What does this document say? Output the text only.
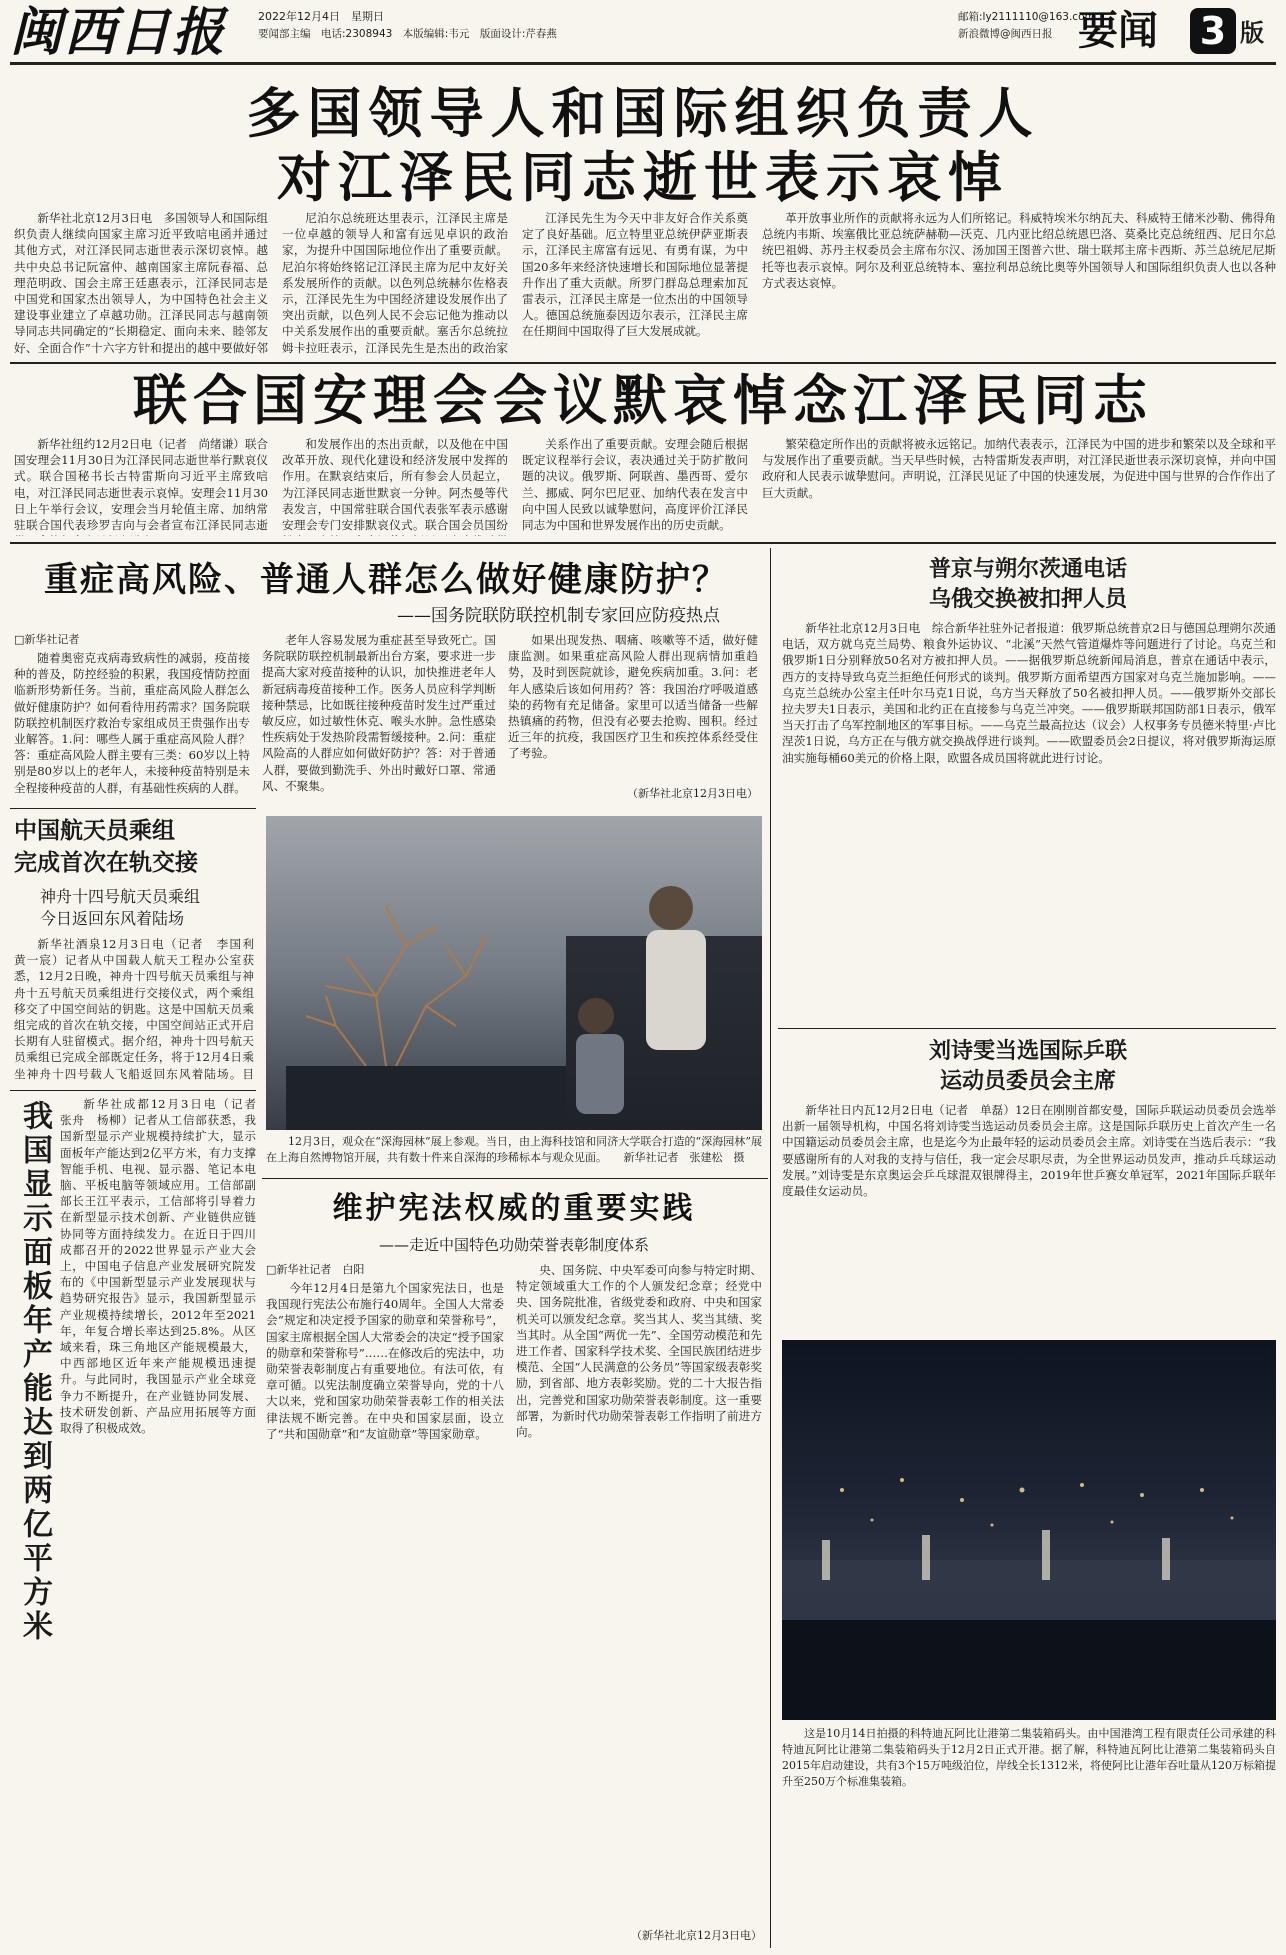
闽西日报	2022年12月4日　星期日
要闻部主编　电话:2308943　本版编辑:韦元　版面设计:芹春燕
邮箱:ly2111110@163.com
新浪微博@闽西日报 要闻	3 版
多国领导人和国际组织负责人
对江泽民同志逝世表示哀悼

新华社北京12月3日电　多国领导人和国际组织负责人继续向国家主席习近平致唁电函并通过其他方式，对江泽民同志逝世表示深切哀悼。越共中央总书记阮富仲、越南国家主席阮春福、总理范明政、国会主席王廷惠表示，江泽民同志是中国党和国家杰出领导人，为中国特色社会主义建设事业建立了卓越功勋。江泽民同志与越南领导同志共同确定的“长期稳定、面向未来、睦邻友好、全面合作”十六字方针和提出的越中要做好邻

尼泊尔总统班达里表示，江泽民主席是一位卓越的领导人和富有远见卓识的政治家，为提升中国国际地位作出了重要贡献。尼泊尔将始终铭记江泽民主席为尼中友好关系发展所作的贡献。以色列总统赫尔佐格表示，江泽民先生为中国经济建设发展作出了突出贡献，以色列人民不会忘记他为推动以中关系发展作出的重要贡献。塞舌尔总统拉姆卡拉旺表示，江泽民先生是杰出的政治家

江泽民先生为今天中非友好合作关系奠定了良好基础。厄立特里亚总统伊萨亚斯表示，江泽民主席富有远见、有勇有谋，为中国20多年来经济快速增长和国际地位显著提升作出了重大贡献。所罗门群岛总理索加瓦雷表示，江泽民主席是一位杰出的中国领导人。德国总统施泰因迈尔表示，江泽民主席在任期间中国取得了巨大发展成就。

革开放事业所作的贡献将永远为人们所铭记。科威特埃米尔纳瓦夫、科威特王储米沙勒、佛得角总统内韦斯、埃塞俄比亚总统萨赫勒—沃克、几内亚比绍总统恩巴洛、莫桑比克总统纽西、尼日尔总统巴祖姆、苏丹主权委员会主席布尔汉、汤加国王图普六世、瑞士联邦主席卡西斯、苏兰总统尼尼斯托等也表示哀悼。阿尔及利亚总统特本、塞拉利昂总统比奥等外国领导人和国际组织负责人也以各种方式表达哀悼。

联合国安理会会议默哀悼念江泽民同志

新华社纽约12月2日电（记者　尚绪谦）联合国安理会11月30日为江泽民同志逝世举行默哀仪式。联合国秘书长古特雷斯向习近平主席致唁电，对江泽民同志逝世表示哀悼。安理会11月30日上午举行会议，安理会当月轮值主席、加纳常驻联合国代表珍罗吉向与会者宣布江泽民同志逝

和发展作出的杰出贡献，以及他在中国改革开放、现代化建设和经济发展中发挥的作用。在默哀结束后，所有参会人员起立，为江泽民同志逝世默哀一分钟。阿杰曼等代表发言，中国常驻联合国代表张军表示感谢安理会专门安排默哀仪式。联合国会员国纷

关系作出了重要贡献。安理会随后根据既定议程举行会议，表决通过关于防扩散问题的决议。俄罗斯、阿联酋、墨西哥、爱尔兰、挪威、阿尔巴尼亚、加纳代表在发言中向中国人民致以诚挚慰问，高度评价江泽民同志为中国和世界发展作出的历史贡献。

繁荣稳定所作出的贡献将被永远铭记。加纳代表表示，江泽民为中国的进步和繁荣以及全球和平与发展作出了重要贡献。当天早些时候，古特雷斯发表声明，对江泽民逝世表示深切哀悼，并向中国政府和人民表示诚挚慰问。声明说，江泽民见证了中国的快速发展，为促进中国与世界的合作作出了巨大贡献。

重症高风险、普通人群怎么做好健康防护？
——国务院联防联控机制专家回应防疫热点
□新华社记者

随着奥密克戎病毒致病性的减弱，疫苗接种的普及，防控经验的积累，我国疫情防控面临新形势新任务。当前，重症高风险人群怎么做好健康防护？如何看待用药需求？国务院联防联控机制医疗救治专家组成员王贵强作出专业解答。1.问：哪些人属于重症高风险人群？答：重症高风险人群主要有三类：60岁以上特别是80岁以上的老年人，未接种疫苗特别是未全程接种疫苗的人群，有基础性疾病的人群。

老年人容易发展为重症甚至导致死亡。国务院联防联控机制最新出台方案，要求进一步提高大家对疫苗接种的认识，加快推进老年人新冠病毒疫苗接种工作。医务人员应科学判断接种禁忌，比如既往接种疫苗时发生过严重过敏反应，如过敏性休克、喉头水肿。急性感染性疾病处于发热阶段需暂缓接种。2.问：重症风险高的人群应如何做好防护？答：对于普通人群，要做到勤洗手、外出时戴好口罩、常通风、不聚集。

如果出现发热、咽痛、咳嗽等不适，做好健康监测。如果重症高风险人群出现病情加重趋势，及时到医院就诊，避免疾病加重。3.问：老年人感染后该如何用药？答：我国治疗呼吸道感染的药物有充足储备。家里可以适当储备一些解热镇痛的药物，但没有必要去抢购、囤积。经过近三年的抗疫，我国医疗卫生和疾控体系经受住了考验。

（新华社北京12月3日电）
普京与朔尔茨通电话
乌俄交换被扣押人员

新华社北京12月3日电　综合新华社驻外记者报道：俄罗斯总统普京2日与德国总理朔尔茨通电话，双方就乌克兰局势、粮食外运协议、“北溪”天然气管道爆炸等问题进行了讨论。乌克兰和俄罗斯1日分别释放50名对方被扣押人员。——据俄罗斯总统新闻局消息，普京在通话中表示，西方的支持导致乌克兰拒绝任何形式的谈判。俄罗斯方面希望西方国家对乌克兰施加影响。——乌克兰总统办公室主任叶尔马克1日说，乌方当天释放了50名被扣押人员。——俄罗斯外交部长拉夫罗夫1日表示，美国和北约正在直接参与乌克兰冲突。——俄罗斯联邦国防部1日表示，俄军当天打击了乌军控制地区的军事目标。——乌克兰最高拉达（议会）人权事务专员德米特里·卢比涅茨1日说，乌方正在与俄方就交换战俘进行谈判。——欧盟委员会2日提议，将对俄罗斯海运原油实施每桶60美元的价格上限，欧盟各成员国将就此进行讨论。

刘诗雯当选国际乒联
运动员委员会主席

新华社日内瓦12月2日电（记者　单磊）12日在刚刚首都安曼，国际乒联运动员委员会选举出新一届领导机构，中国名将刘诗雯当选运动员委员会主席。这是国际乒联历史上首次产生一名中国籍运动员委员会主席，也是迄今为止最年轻的运动员委员会主席。刘诗雯在当选后表示：“我要感谢所有的人对我的支持与信任，我一定会尽职尽责，为全世界运动员发声，推动乒乓球运动发展。”刘诗雯是东京奥运会乒乓球混双银牌得主，2019年世乒赛女单冠军，2021年国际乒联年度最佳女运动员。

这是10月14日拍摄的科特迪瓦阿比让港第二集装箱码头。由中国港湾工程有限责任公司承建的科特迪瓦阿比让港第二集装箱码头于12月2日正式开港。据了解，科特迪瓦阿比让港第二集装箱码头自2015年启动建设，共有3个15万吨级泊位，岸线全长1312米，将使阿比让港年吞吐量从120万标箱提升至250万个标准集装箱。

中国航天员乘组
完成首次在轨交接
神舟十四号航天员乘组
今日返回东风着陆场

新华社酒泉12月3日电（记者　李国利　黄一宸）记者从中国载人航天工程办公室获悉，12月2日晚，神舟十四号航天员乘组与神舟十五号航天员乘组进行交接仪式，两个乘组移交了中国空间站的钥匙。这是中国航天员乘组完成的首次在轨交接，中国空间站正式开启长期有人驻留模式。据介绍，神舟十四号航天员乘组已完成全部既定任务，将于12月4日乘坐神舟十四号载人飞船返回东风着陆场。目

我国显示面板年产能达到两亿平方米	新华社成都12月3日电（记者　张舟　杨柳）记者从工信部获悉，我国新型显示产业规模持续扩大，显示面板年产能达到2亿平方米，有力支撑智能手机、电视、显示器、笔记本电脑、平板电脑等领域应用。工信部副部长王江平表示，工信部将引导着力在新型显示技术创新、产业链供应链协同等方面持续发力。在近日于四川成都召开的2022世界显示产业大会上，中国电子信息产业发展研究院发布的《中国新型显示产业发展现状与趋势研究报告》显示，我国新型显示产业规模持续增长，2012年至2021年，年复合增长率达到25.8%。从区域来看，珠三角地区产能规模最大，中西部地区近年来产能规模迅速提升。与此同时，我国显示产业全球竞争力不断提升，在产业链协同发展、技术研发创新、产品应用拓展等方面取得了积极成效。

12月3日，观众在“深海园林”展上参观。当日，由上海科技馆和同济大学联合打造的“深海园林”展在上海自然博物馆开展，共有数十件来自深海的珍稀标本与观众见面。　　新华社记者　张建松　摄

维护宪法权威的重要实践
——走近中国特色功勋荣誉表彰制度体系
□新华社记者　白阳

今年12月4日是第九个国家宪法日，也是我国现行宪法公布施行40周年。全国人大常委会“规定和决定授予国家的勋章和荣誉称号”，国家主席根据全国人大常委会的决定“授予国家的勋章和荣誉称号”……在修改后的宪法中，功勋荣誉表彰制度占有重要地位。有法可依，有章可循。以宪法制度确立荣誉导向，党的十八大以来，党和国家功勋荣誉表彰工作的相关法律法规不断完善。在中央和国家层面，设立了“共和国勋章”和“友谊勋章”等国家勋章。

央、国务院、中央军委可向参与特定时期、特定领域重大工作的个人颁发纪念章；经党中央、国务院批准，省级党委和政府、中央和国家机关可以颁发纪念章。奖当其人、奖当其绩、奖当其时。从全国“两优一先”、全国劳动模范和先进工作者、国家科学技术奖、全国民族团结进步模范、全国“人民满意的公务员”等国家级表彰奖励，到省部、地方表彰奖励。党的二十大报告指出，完善党和国家功勋荣誉表彰制度。这一重要部署，为新时代功勋荣誉表彰工作指明了前进方向。

（新华社北京12月3日电）
